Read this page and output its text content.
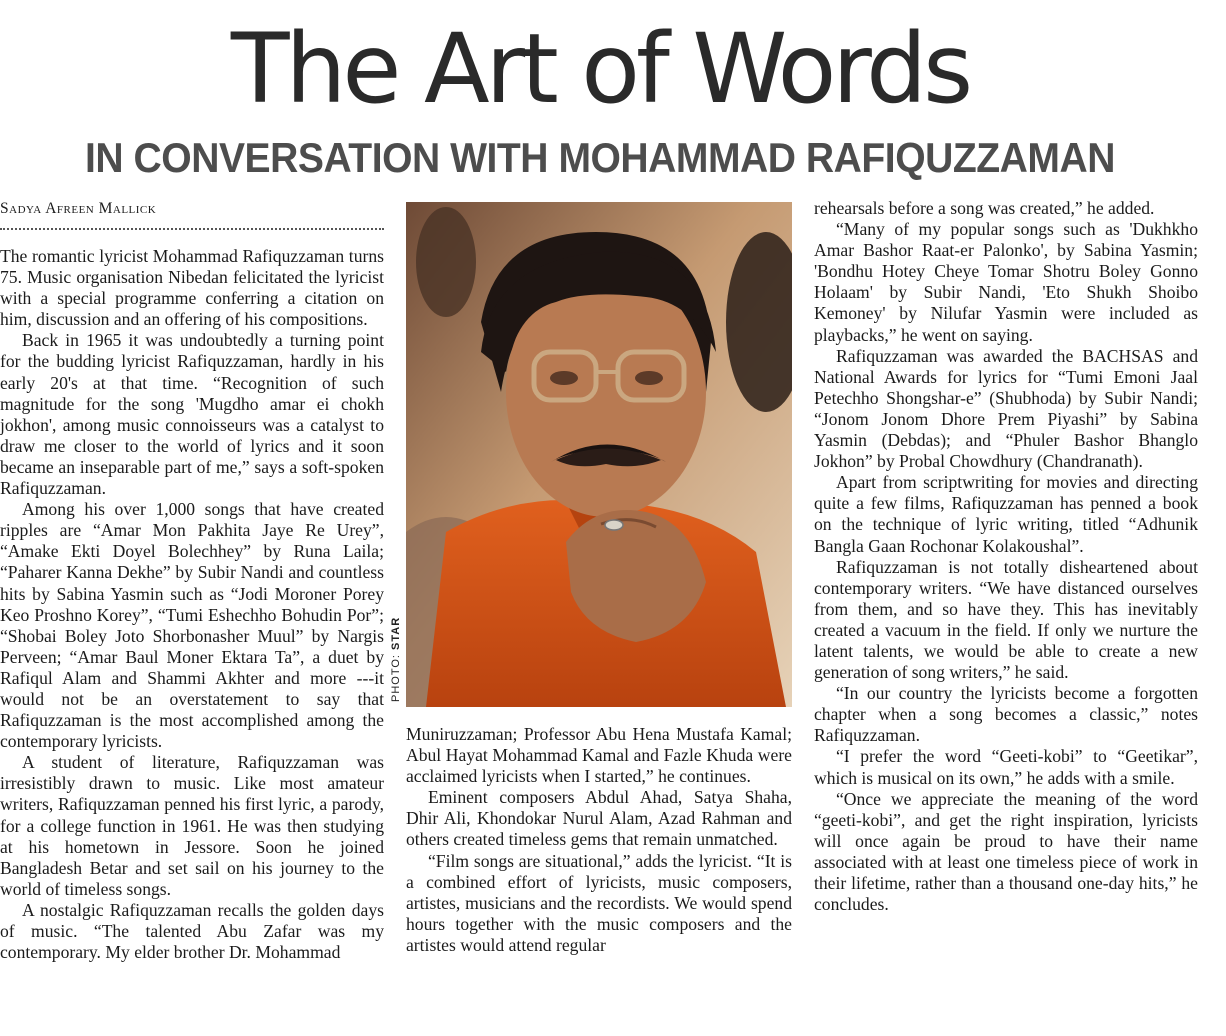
The Art of Words
IN CONVERSATION WITH MOHAMMAD RAFIQUZZAMAN
Sadya Afreen Mallick

The romantic lyricist Mohammad Rafiquzzaman turns 75. Music organisation Nibedan felicitated the lyricist with a special programme conferring a citation on him, discussion and an offering of his compositions.

Back in 1965 it was undoubtedly a turning point for the budding lyricist Rafiquzzaman, hardly in his early 20's at that time. “Recognition of such magnitude for the song 'Mugdho amar ei chokh jokhon', among music connoisseurs was a catalyst to draw me closer to the world of lyrics and it soon became an inseparable part of me,” says a soft-spoken Rafiquzzaman.

Among his over 1,000 songs that have created ripples are “Amar Mon Pakhita Jaye Re Urey”, “Amake Ekti Doyel Bolechhey” by Runa Laila; “Paharer Kanna Dekhe” by Subir Nandi and countless hits by Sabina Yasmin such as “Jodi Moroner Porey Keo Proshno Korey”, “Tumi Eshechho Bohudin Por”; “Shobai Boley Joto Shorbonasher Muul” by Nargis Perveen; “Amar Baul Moner Ektara Ta”, a duet by Rafiqul Alam and Shammi Akhter and more ---it would not be an overstatement to say that Rafiquzzaman is the most accomplished among the contemporary lyricists.

A student of literature, Rafiquzzaman was irresistibly drawn to music. Like most amateur writers, Rafiquzzaman penned his first lyric, a parody, for a college function in 1961. He was then studying at his hometown in Jessore. Soon he joined Bangladesh Betar and set sail on his journey to the world of timeless songs.

A nostalgic Rafiquzzaman recalls the golden days of music. “The talented Abu Zafar was my contemporary. My elder brother Dr. Mohammad

PHOTO: STAR

Muniruzzaman; Professor Abu Hena Mustafa Kamal; Abul Hayat Mohammad Kamal and Fazle Khuda were acclaimed lyricists when I started,” he continues.

Eminent composers Abdul Ahad, Satya Shaha, Dhir Ali, Khondokar Nurul Alam, Azad Rahman and others created timeless gems that remain unmatched.

“Film songs are situational,” adds the lyricist. “It is a combined effort of lyricists, music composers, artistes, musicians and the recordists. We would spend hours together with the music composers and the artistes would attend regular

rehearsals before a song was created,” he added.

“Many of my popular songs such as 'Dukhkho Amar Bashor Raat-er Palonko', by Sabina Yasmin; 'Bondhu Hotey Cheye Tomar Shotru Boley Gonno Holaam' by Subir Nandi, 'Eto Shukh Shoibo Kemoney' by Nilufar Yasmin were included as playbacks,” he went on saying.

Rafiquzzaman was awarded the BACHSAS and National Awards for lyrics for “Tumi Emoni Jaal Petechho Shongshar-e” (Shubhoda) by Subir Nandi; “Jonom Jonom Dhore Prem Piyashi” by Sabina Yasmin (Debdas); and “Phuler Bashor Bhanglo Jokhon” by Probal Chowdhury (Chandranath).

Apart from scriptwriting for movies and directing quite a few films, Rafiquzzaman has penned a book on the technique of lyric writing, titled “Adhunik Bangla Gaan Rochonar Kolakoushal”.

Rafiquzzaman is not totally disheartened about contemporary writers. “We have distanced ourselves from them, and so have they. This has inevitably created a vacuum in the field. If only we nurture the latent talents, we would be able to create a new generation of song writers,” he said.

“In our country the lyricists become a forgotten chapter when a song becomes a classic,” notes Rafiquzzaman.

“I prefer the word “Geeti-kobi” to “Geetikar”, which is musical on its own,” he adds with a smile.

“Once we appreciate the meaning of the word “geeti-kobi”, and get the right inspiration, lyricists will once again be proud to have their name associated with at least one timeless piece of work in their lifetime, rather than a thousand one-day hits,” he concludes.
